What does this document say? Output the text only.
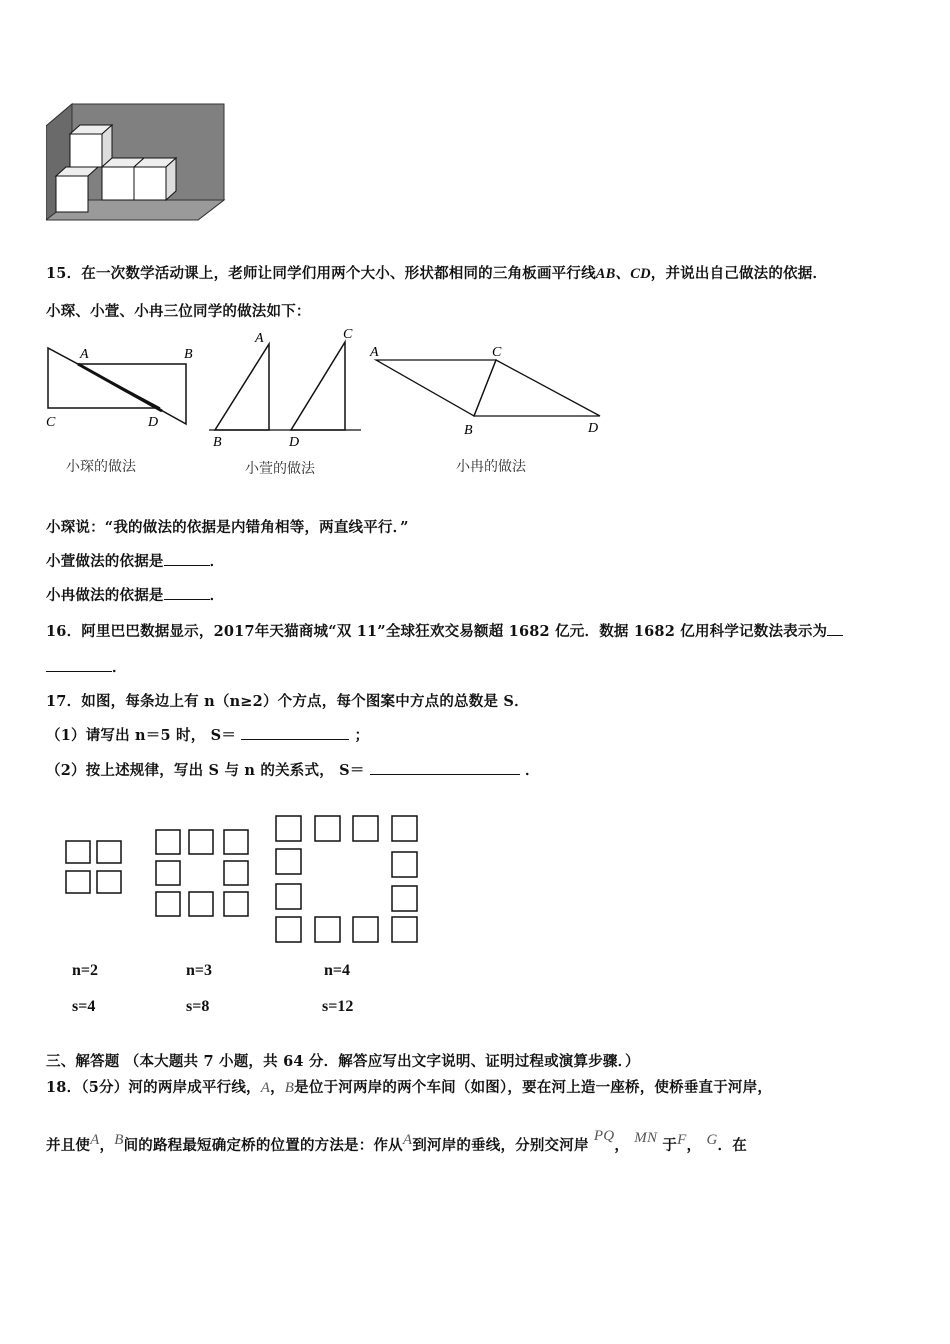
15．在一次数学活动课上，老师让同学们用两个大小、形状都相同的三角板画平行线AB、CD，并说出自己做法的依据．
小琛、小萱、小冉三位同学的做法如下：
A	B
C	D
A	C
B	D
A	C
B	D
小琛的做法	小萱的做法	小冉的做法
小琛说：“我的做法的依据是内错角相等，两直线平行．”
小萱做法的依据是	．
小冉做法的依据是	．
16．阿里巴巴数据显示，2017年天猫商城“双 11”全球狂欢交易额超 1682 亿元．数据 1682 亿用科学记数法表示为
．
17．如图，每条边上有 n（n≥2）个方点，每个图案中方点的总数是 S．
（1）请写出 n＝5 时， S＝	；
（2）按上述规律，写出 S 与 n 的关系式， S＝	．
n=2	n=3	n=4
s=4	s=8	s=12
三、解答题 （本大题共 7 小题，共 64 分．解答应写出文字说明、证明过程或演算步骤．）
18．（5分）河的两岸成平行线，A，B是位于河两岸的两个车间（如图），要在河上造一座桥，使桥垂直于河岸，
并且使A，B间的路程最短确定桥的位置的方法是：作从A到河岸的垂线，分别交河岸 PQ， MN 于F， G．在
